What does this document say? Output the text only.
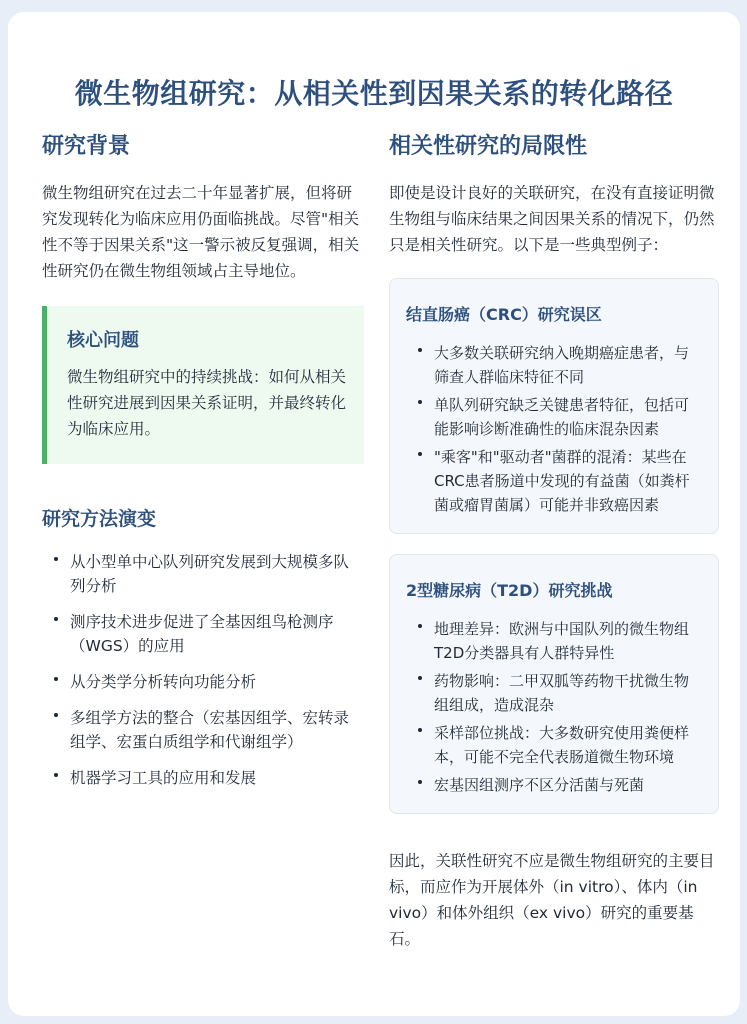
微生物组研究：从相关性到因果关系的转化路径
研究背景

微生物组研究在过去二十年显著扩展，但将研究发现转化为临床应用仍面临挑战。尽管"相关性不等于因果关系"这一警示被反复强调，相关性研究仍在微生物组领域占主导地位。

核心问题

微生物组研究中的持续挑战：如何从相关性研究进展到因果关系证明，并最终转化为临床应用。

研究方法演变
从小型单中心队列研究发展到大规模多队列分析
测序技术进步促进了全基因组鸟枪测序（WGS）的应用
从分类学分析转向功能分析
多组学方法的整合（宏基因组学、宏转录组学、宏蛋白质组学和代谢组学）
机器学习工具的应用和发展
相关性研究的局限性

即使是设计良好的关联研究，在没有直接证明微生物组与临床结果之间因果关系的情况下，仍然只是相关性研究。以下是一些典型例子：

结直肠癌（CRC）研究误区
大多数关联研究纳入晚期癌症患者，与筛查人群临床特征不同
单队列研究缺乏关键患者特征，包括可能影响诊断准确性的临床混杂因素
"乘客"和"驱动者"菌群的混淆：某些在CRC患者肠道中发现的有益菌（如粪杆菌或瘤胃菌属）可能并非致癌因素
2型糖尿病（T2D）研究挑战
地理差异：欧洲与中国队列的微生物组T2D分类器具有人群特异性
药物影响：二甲双胍等药物干扰微生物组组成，造成混杂
采样部位挑战：大多数研究使用粪便样本，可能不完全代表肠道微生物环境
宏基因组测序不区分活菌与死菌

因此，关联性研究不应是微生物组研究的主要目标，而应作为开展体外（in vitro）、体内（in vivo）和体外组织（ex vivo）研究的重要基石。
